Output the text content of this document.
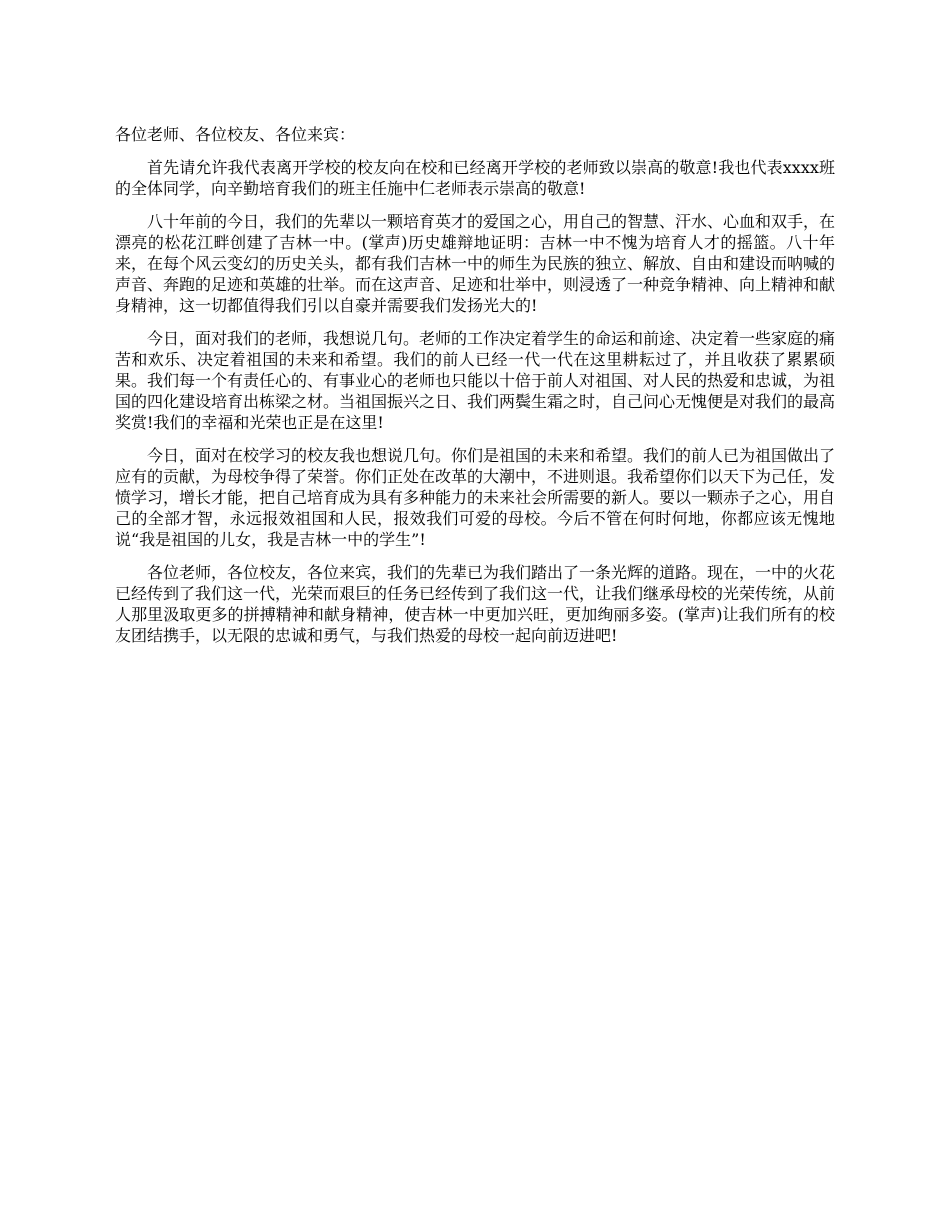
各位老师、各位校友、各位来宾：

首先请允许我代表离开学校的校友向在校和已经离开学校的老师致以崇高的敬意!我也代表xxxx班的全体同学，向辛勤培育我们的班主任施中仁老师表示崇高的敬意!

八十年前的今日，我们的先辈以一颗培育英才的爱国之心，用自己的智慧、汗水、心血和双手，在漂亮的松花江畔创建了吉林一中。(掌声)历史雄辩地证明：吉林一中不愧为培育人才的摇篮。八十年来，在每个风云变幻的历史关头，都有我们吉林一中的师生为民族的独立、解放、自由和建设而呐喊的声音、奔跑的足迹和英雄的壮举。而在这声音、足迹和壮举中，则浸透了一种竞争精神、向上精神和献身精神，这一切都值得我们引以自豪并需要我们发扬光大的!

今日，面对我们的老师，我想说几句。老师的工作决定着学生的命运和前途、决定着一些家庭的痛苦和欢乐、决定着祖国的未来和希望。我们的前人已经一代一代在这里耕耘过了，并且收获了累累硕果。我们每一个有责任心的、有事业心的老师也只能以十倍于前人对祖国、对人民的热爱和忠诚，为祖国的四化建设培育出栋梁之材。当祖国振兴之日、我们两鬓生霜之时，自己问心无愧便是对我们的最高奖赏!我们的幸福和光荣也正是在这里!

今日，面对在校学习的校友我也想说几句。你们是祖国的未来和希望。我们的前人已为祖国做出了应有的贡献，为母校争得了荣誉。你们正处在改革的大潮中，不进则退。我希望你们以天下为己任，发愤学习，增长才能，把自己培育成为具有多种能力的未来社会所需要的新人。要以一颗赤子之心，用自己的全部才智，永远报效祖国和人民，报效我们可爱的母校。今后不管在何时何地，你都应该无愧地说“我是祖国的儿女，我是吉林一中的学生”!

各位老师，各位校友，各位来宾，我们的先辈已为我们踏出了一条光辉的道路。现在，一中的火花已经传到了我们这一代，光荣而艰巨的任务已经传到了我们这一代，让我们继承母校的光荣传统，从前人那里汲取更多的拼搏精神和献身精神，使吉林一中更加兴旺，更加绚丽多姿。(掌声)让我们所有的校友团结携手，以无限的忠诚和勇气，与我们热爱的母校一起向前迈进吧!
